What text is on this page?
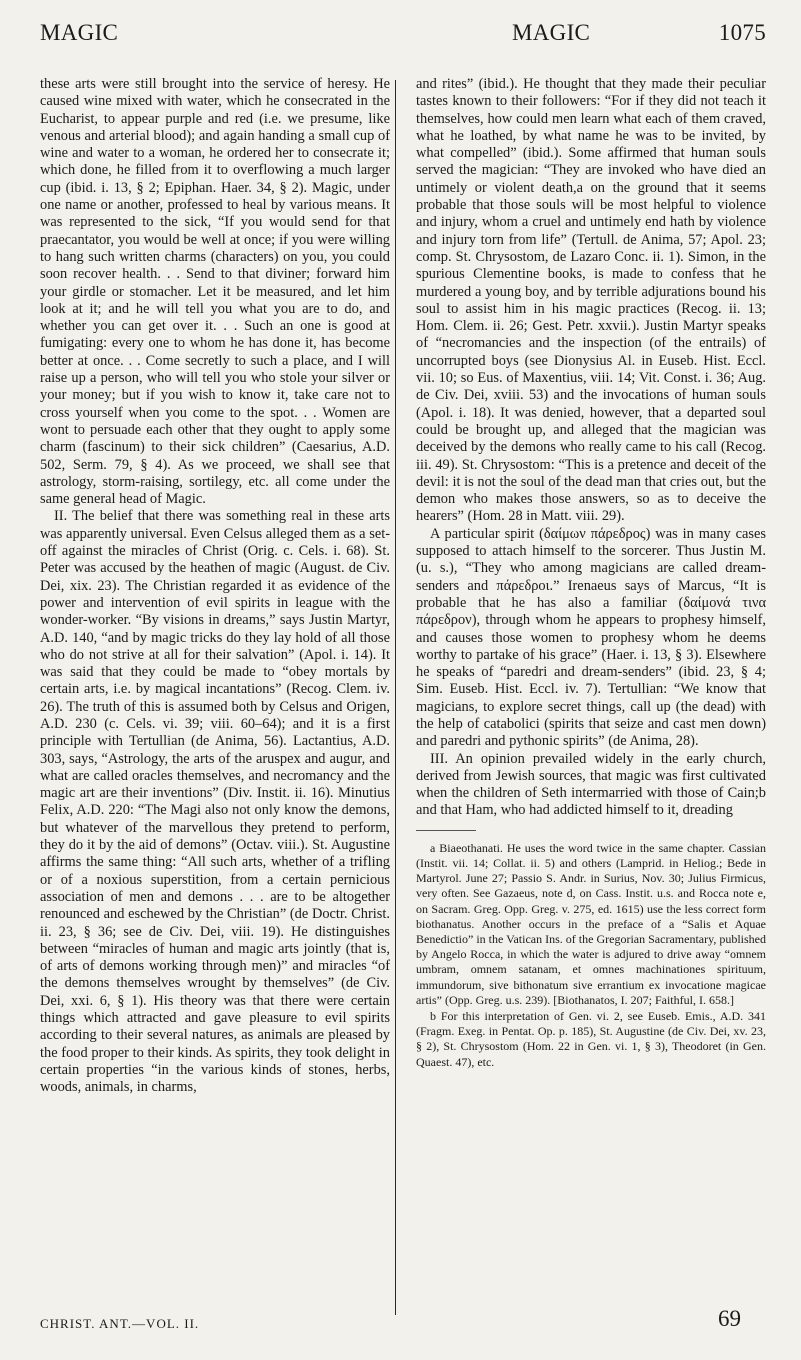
MAGIC	MAGIC	1075

these arts were still brought into the service of heresy. He caused wine mixed with water, which he consecrated in the Eucharist, to appear purple and red (i.e. we presume, like venous and arterial blood); and again handing a small cup of wine and water to a woman, he ordered her to consecrate it; which done, he filled from it to overflowing a much larger cup (ibid. i. 13, § 2; Epiphan. Haer. 34, § 2). Magic, under one name or another, professed to heal by various means. It was represented to the sick, “If you would send for that praecantator, you would be well at once; if you were willing to hang such written charms (characters) on you, you could soon recover health. . . Send to that diviner; forward him your girdle or stomacher. Let it be measured, and let him look at it; and he will tell you what you are to do, and whether you can get over it. . . Such an one is good at fumigating: every one to whom he has done it, has become better at once. . . Come secretly to such a place, and I will raise up a person, who will tell you who stole your silver or your money; but if you wish to know it, take care not to cross yourself when you come to the spot. . . Women are wont to persuade each other that they ought to apply some charm (fascinum) to their sick children” (Caesarius, A.D. 502, Serm. 79, § 4). As we proceed, we shall see that astrology, storm-raising, sortilegy, etc. all come under the same general head of Magic.

II. The belief that there was something real in these arts was apparently universal. Even Celsus alleged them as a set-off against the miracles of Christ (Orig. c. Cels. i. 68). St. Peter was accused by the heathen of magic (August. de Civ. Dei, xix. 23). The Christian regarded it as evidence of the power and intervention of evil spirits in league with the wonder-worker. “By visions in dreams,” says Justin Martyr, A.D. 140, “and by magic tricks do they lay hold of all those who do not strive at all for their salvation” (Apol. i. 14). It was said that they could be made to “obey mortals by certain arts, i.e. by magical incantations” (Recog. Clem. iv. 26). The truth of this is assumed both by Celsus and Origen, A.D. 230 (c. Cels. vi. 39; viii. 60–64); and it is a first principle with Tertullian (de Anima, 56). Lactantius, A.D. 303, says, “Astrology, the arts of the aruspex and augur, and what are called oracles themselves, and necromancy and the magic art are their inventions” (Div. Instit. ii. 16). Minutius Felix, A.D. 220: “The Magi also not only know the demons, but whatever of the marvellous they pretend to perform, they do it by the aid of demons” (Octav. viii.). St. Augustine affirms the same thing: “All such arts, whether of a trifling or of a noxious superstition, from a certain pernicious association of men and demons . . . are to be altogether renounced and eschewed by the Christian” (de Doctr. Christ. ii. 23, § 36; see de Civ. Dei, viii. 19). He distinguishes between “miracles of human and magic arts jointly (that is, of arts of demons working through men)” and miracles “of the demons themselves wrought by themselves” (de Civ. Dei, xxi. 6, § 1). His theory was that there were certain things which attracted and gave pleasure to evil spirits according to their several natures, as animals are pleased by the food proper to their kinds. As spirits, they took delight in certain properties “in the various kinds of stones, herbs, woods, animals, in charms,

and rites” (ibid.). He thought that they made their peculiar tastes known to their followers: “For if they did not teach it themselves, how could men learn what each of them craved, what he loathed, by what name he was to be invited, by what compelled” (ibid.). Some affirmed that human souls served the magician: “They are invoked who have died an untimely or violent death,a on the ground that it seems probable that those souls will be most helpful to violence and injury, whom a cruel and untimely end hath by violence and injury torn from life” (Tertull. de Anima, 57; Apol. 23; comp. St. Chrysostom, de Lazaro Conc. ii. 1). Simon, in the spurious Clementine books, is made to confess that he murdered a young boy, and by terrible adjurations bound his soul to assist him in his magic practices (Recog. ii. 13; Hom. Clem. ii. 26; Gest. Petr. xxvii.). Justin Martyr speaks of “necromancies and the inspection (of the entrails) of uncorrupted boys (see Dionysius Al. in Euseb. Hist. Eccl. vii. 10; so Eus. of Maxentius, viii. 14; Vit. Const. i. 36; Aug. de Civ. Dei, xviii. 53) and the invocations of human souls (Apol. i. 18). It was denied, however, that a departed soul could be brought up, and alleged that the magician was deceived by the demons who really came to his call (Recog. iii. 49). St. Chrysostom: “This is a pretence and deceit of the devil: it is not the soul of the dead man that cries out, but the demon who makes those answers, so as to deceive the hearers” (Hom. 28 in Matt. viii. 29).

A particular spirit (δαίμων πάρεδρος) was in many cases supposed to attach himself to the sorcerer. Thus Justin M. (u. s.), “They who among magicians are called dream-senders and πάρεδροι.” Irenaeus says of Marcus, “It is probable that he has also a familiar (δαίμονά τινα πάρεδρον), through whom he appears to prophesy himself, and causes those women to prophesy whom he deems worthy to partake of his grace” (Haer. i. 13, § 3). Elsewhere he speaks of “paredri and dream-senders” (ibid. 23, § 4; Sim. Euseb. Hist. Eccl. iv. 7). Tertullian: “We know that magicians, to explore secret things, call up (the dead) with the help of catabolici (spirits that seize and cast men down) and paredri and pythonic spirits” (de Anima, 28).

III. An opinion prevailed widely in the early church, derived from Jewish sources, that magic was first cultivated when the children of Seth intermarried with those of Cain;b and that Ham, who had addicted himself to it, dreading

a Biaeothanati. He uses the word twice in the same chapter. Cassian (Instit. vii. 14; Collat. ii. 5) and others (Lamprid. in Heliog.; Bede in Martyrol. June 27; Passio S. Andr. in Surius, Nov. 30; Julius Firmicus, very often. See Gazaeus, note d, on Cass. Instit. u.s. and Rocca note e, on Sacram. Greg. Opp. Greg. v. 275, ed. 1615) use the less correct form biothanatus. Another occurs in the preface of a “Salis et Aquae Benedictio” in the Vatican Ins. of the Gregorian Sacramentary, published by Angelo Rocca, in which the water is adjured to drive away “omnem umbram, omnem satanam, et omnes machinationes spirituum, immundorum, sive bithonatum sive errantium ex invocatione magicae artis” (Opp. Greg. u.s. 239). [Biothanatos, I. 207; Faithful, I. 658.]

b For this interpretation of Gen. vi. 2, see Euseb. Emis., A.D. 341 (Fragm. Exeg. in Pentat. Op. p. 185), St. Augustine (de Civ. Dei, xv. 23, § 2), St. Chrysostom (Hom. 22 in Gen. vi. 1, § 3), Theodoret (in Gen. Quaest. 47), etc.

CHRIST. ANT.—VOL. II.	69
